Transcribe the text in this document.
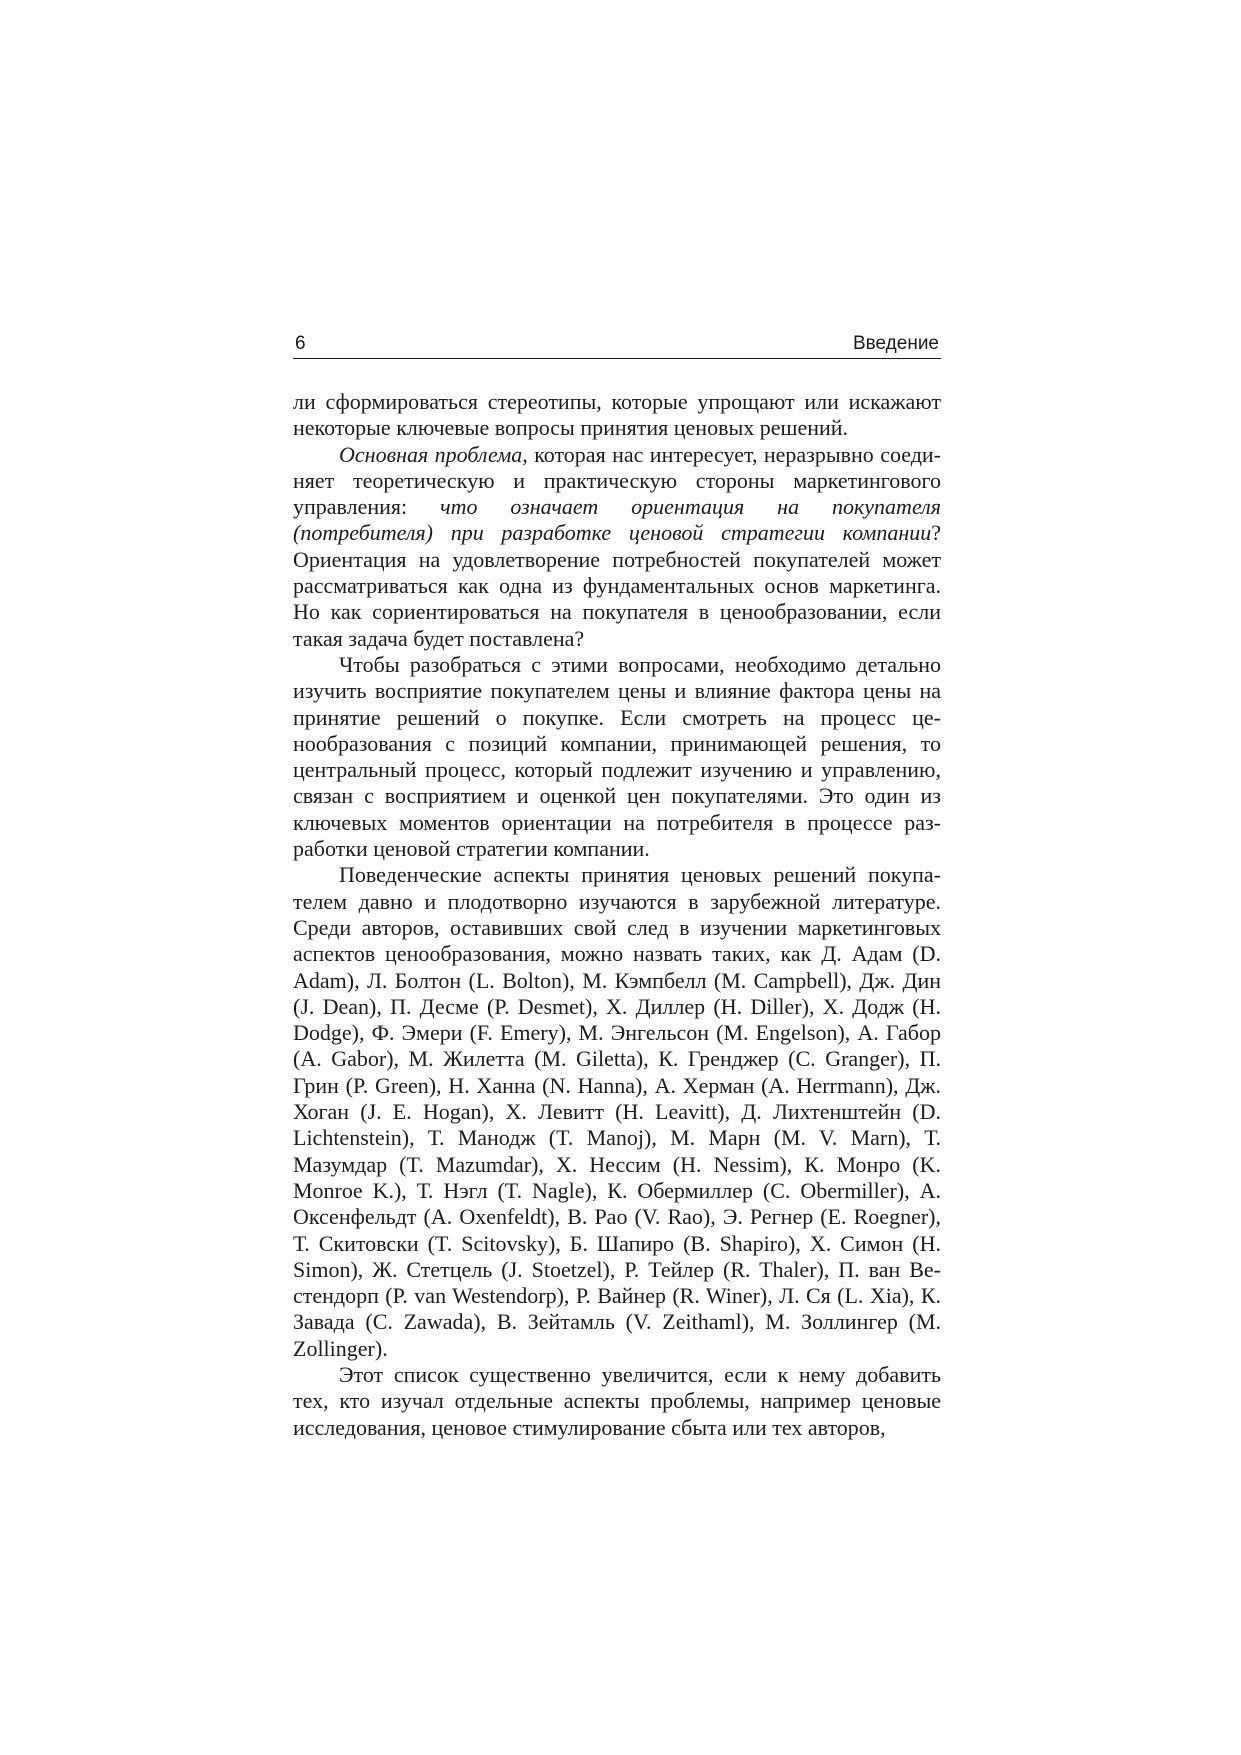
6	Введение

ли сформироваться стереотипы, которые упрощают или искажают некоторые ключевые вопросы принятия ценовых решений.

Основная проблема, которая нас интересует, неразрывно соединяет теоретическую и практическую стороны маркетингового управления: что означает ориентация на покупателя (потребителя) при разработке ценовой стратегии компании? Ориентация на удовлетворение потребностей покупателей может рассматриваться как одна из фундаментальных основ маркетинга. Но как сориентироваться на покупателя в ценообразовании, если такая задача будет поставлена?

Чтобы разобраться с этими вопросами, необходимо детально изучить восприятие покупателем цены и влияние фактора цены на принятие решений о покупке. Если смотреть на процесс ценообразования с позиций компании, принимающей решения, то центральный процесс, который подлежит изучению и управлению, связан с восприятием и оценкой цен покупателями. Это один из ключевых моментов ориентации на потребителя в процессе разработки ценовой стратегии компании.

Поведенческие аспекты принятия ценовых решений покупателем давно и плодотворно изучаются в зарубежной литературе. Среди авторов, оставивших свой след в изучении маркетинговых аспектов ценообразования, можно назвать таких, как Д. Адам (D. Adam), Л. Болтон (L. Bolton), М. Кэмпбелл (M. Campbell), Дж. Дин (J. Dean), П. Десме (P. Desmet), Х. Диллер (H. Diller), Х. Додж (H. Dodge), Ф. Эмери (F. Emery), М. Энгельсон (M. Engelson), А. Габор (A. Gabor), М. Жилетта (M. Giletta), К. Гренджер (C. Granger), П. Грин (P. Green), Н. Ханна (N. Hanna), А. Херман (A. Herrmann), Дж. Хоган (J. E. Hogan), Х. Левитт (H. Leavitt), Д. Лихтенштейн (D. Lichtenstein), Т. Манодж (T. Manoj), М. Марн (M. V. Marn), Т. Мазумдар (T. Mazumdar), Х. Нессим (H. Nessim), К. Монро (K. Monroe K.), Т. Нэгл (T. Nagle), К. Обермиллер (C. Obermiller), А. Оксенфельдт (A. Oxenfeldt), В. Рао (V. Rao), Э. Регнер (E. Roegner), Т. Скитовски (T. Scitovsky), Б. Шапиро (B. Shapiro), Х. Симон (H. Simon), Ж. Стетцель (J. Stoetzel), Р. Тейлер (R. Thaler), П. ван Вестендорп (P. van Westendorp), Р. Вайнер (R. Winer), Л. Ся (L. Xia), К. Завада (C. Zawada), В. Зейтамль (V. Zeithaml), М. Золлингер (M. Zollinger).

Этот список существенно увеличится, если к нему добавить тех, кто изучал отдельные аспекты проблемы, например ценовые исследования, ценовое стимулирование сбыта или тех авторов,
